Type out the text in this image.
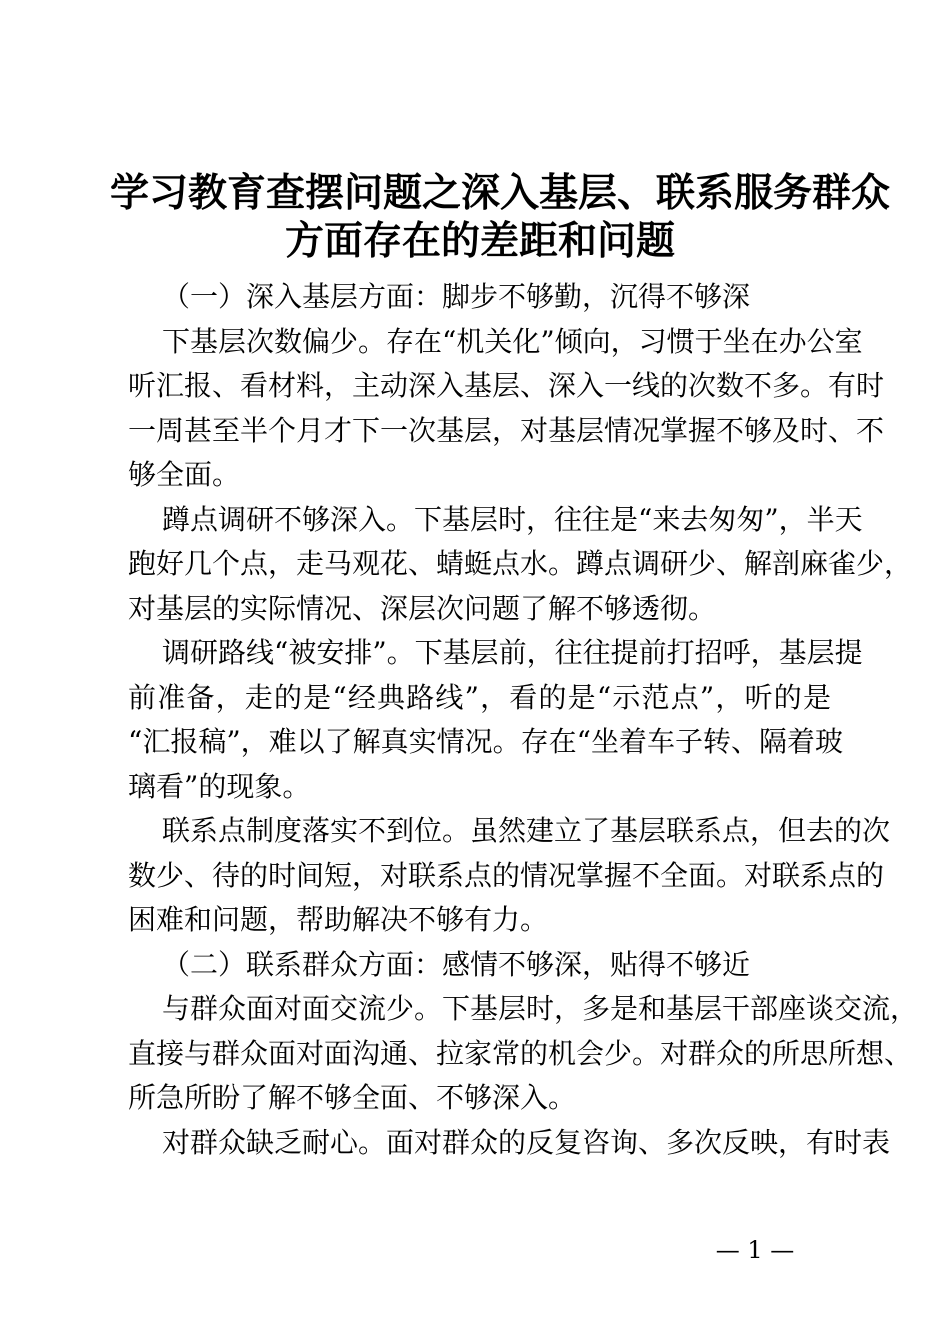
学习教育查摆问题之深入基层、联系服务群众
方面存在的差距和问题
（一）深入基层方面：脚步不够勤，沉得不够深
下基层次数偏少。存在“机关化”倾向，习惯于坐在办公室
听汇报、看材料，主动深入基层、深入一线的次数不多。有时
一周甚至半个月才下一次基层，对基层情况掌握不够及时、不
够全面。
蹲点调研不够深入。下基层时，往往是“来去匆匆”，半天
跑好几个点，走马观花、蜻蜓点水。蹲点调研少、解剖麻雀少，
对基层的实际情况、深层次问题了解不够透彻。
调研路线“被安排”。下基层前，往往提前打招呼，基层提
前准备，走的是“经典路线”，看的是“示范点”，听的是
“汇报稿”，难以了解真实情况。存在“坐着车子转、隔着玻
璃看”的现象。
联系点制度落实不到位。虽然建立了基层联系点，但去的次
数少、待的时间短，对联系点的情况掌握不全面。对联系点的
困难和问题，帮助解决不够有力。
（二）联系群众方面：感情不够深，贴得不够近
与群众面对面交流少。下基层时，多是和基层干部座谈交流，
直接与群众面对面沟通、拉家常的机会少。对群众的所思所想、
所急所盼了解不够全面、不够深入。
对群众缺乏耐心。面对群众的反复咨询、多次反映，有时表
— 1 —
